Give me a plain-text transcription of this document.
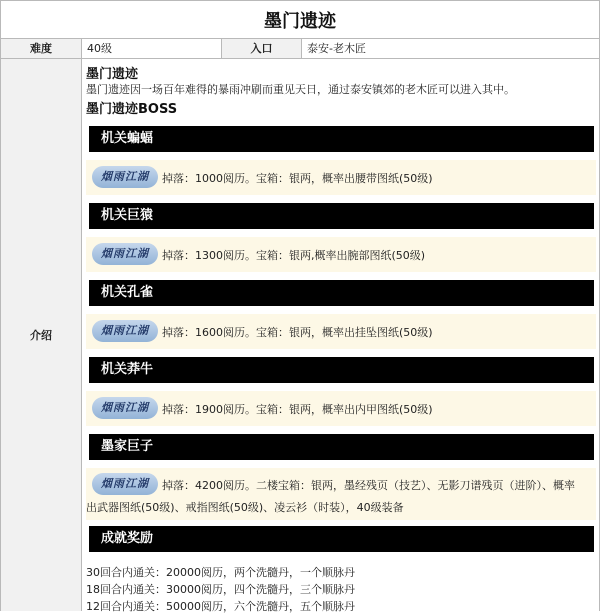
墨门遗迹
难度	40级	入口	泰安-老木匠
介绍
墨门遗迹
墨门遗迹因一场百年难得的暴雨冲刷而重见天日，通过泰安镇郊的老木匠可以进入其中。
墨门遗迹BOSS
机关蝙蝠
烟雨江湖	掉落：1000阅历。宝箱：银两，概率出腰带图纸(50级)
机关巨猿
烟雨江湖	掉落：1300阅历。宝箱：银两,概率出腕部图纸(50级)
机关孔雀
烟雨江湖	掉落：1600阅历。宝箱：银两，概率出挂坠图纸(50级)
机关莽牛
烟雨江湖	掉落：1900阅历。宝箱：银两，概率出内甲图纸(50级)
墨家巨子
烟雨江湖	掉落：4200阅历。二楼宝箱：银两，墨经残页（技艺）、无影刀谱残页（进阶）、概率
出武器图纸(50级)、戒指图纸(50级)、凌云衫（时装），40级装备
成就奖励
30回合内通关：20000阅历，两个洗髓丹，一个顺脉丹
18回合内通关：30000阅历，四个洗髓丹，三个顺脉丹
12回合内通关：50000阅历，六个洗髓丹，五个顺脉丹
